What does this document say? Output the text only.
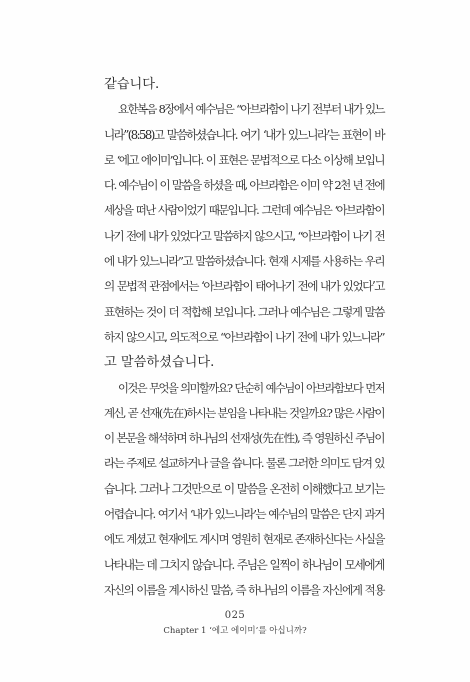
같습니다.
요한복음 8장에서 예수님은 “아브라함이 나기 전부터 내가 있느
니라”(8:58)고 말씀하셨습니다. 여기 ‘내가 있느니라’는 표현이 바
로 ‘에고 에이미’입니다. 이 표현은 문법적으로 다소 이상해 보입니
다. 예수님이 이 말씀을 하셨을 때, 아브라함은 이미 약 2천 년 전에
세상을 떠난 사람이었기 때문입니다. 그런데 예수님은 ‘아브라함이
나기 전에 내가 있었다’고 말씀하지 않으시고, “아브라함이 나기 전
에 내가 있느니라”고 말씀하셨습니다. 현재 시제를 사용하는 우리
의 문법적 관점에서는 ‘아브라함이 태어나기 전에 내가 있었다’고
표현하는 것이 더 적합해 보입니다. 그러나 예수님은 그렇게 말씀
하지 않으시고, 의도적으로 “아브라함이 나기 전에 내가 있느니라”
고 말씀하셨습니다.
이것은 무엇을 의미할까요? 단순히 예수님이 아브라함보다 먼저
계신, 곧 선재(先在)하시는 분임을 나타내는 것일까요? 많은 사람이
이 본문을 해석하며 하나님의 선재성(先在性), 즉 영원하신 주님이
라는 주제로 설교하거나 글을 씁니다. 물론 그러한 의미도 담겨 있
습니다. 그러나 그것만으로 이 말씀을 온전히 이해했다고 보기는
어렵습니다. 여기서 ‘내가 있느니라’는 예수님의 말씀은 단지 과거
에도 계셨고 현재에도 계시며 영원히 현재로 존재하신다는 사실을
나타내는 데 그치지 않습니다. 주님은 일찍이 하나님이 모세에게
자신의 이름을 계시하신 말씀, 즉 하나님의 이름을 자신에게 적용
025
Chapter 1 ‘에고 에이미’를 아십니까?
